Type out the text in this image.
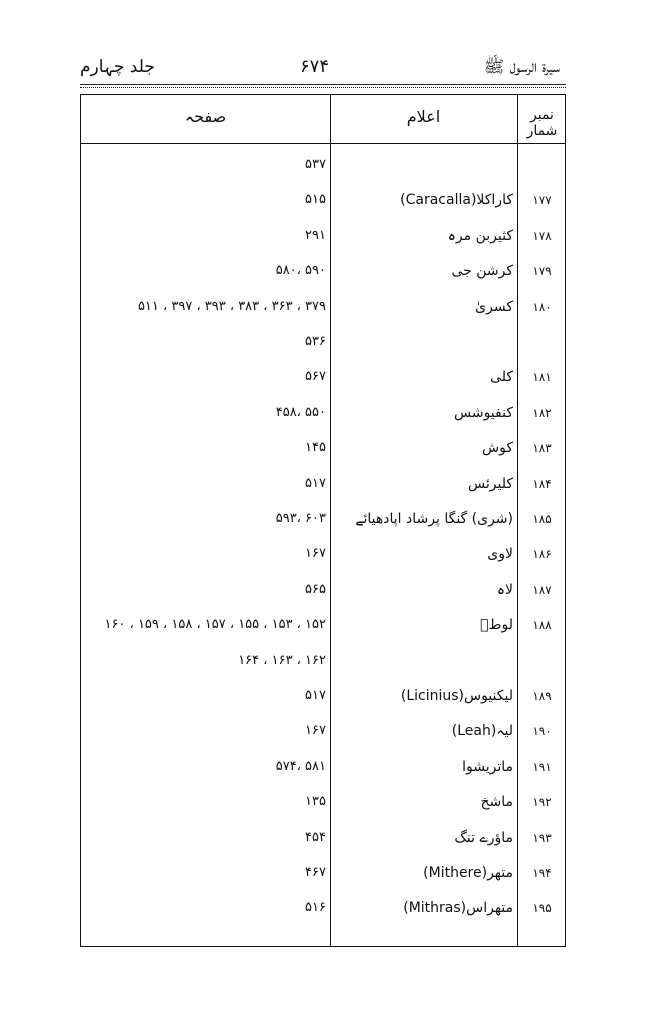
جلد چہارم	۶۷۴	سیرۃ الرسول ﷺ
صفحہ	اعلام	نمبر شمار
۵۳۷
۵۱۵	کاراکلا(Caracalla)	۱۷۷
۲۹۱	کثیربن مرہ	۱۷۸
۵۹۰ ،۵۸۰	کرشن جی	۱۷۹
۳۷۹ ، ۳۶۳ ، ۳۸۳ ، ۳۹۳ ، ۳۹۷ ، ۵۱۱	کسریٰ	۱۸۰
۵۳۶
۵۶۷	کلی	۱۸۱
۵۵۰ ،۴۵۸	کنفیوشس	۱۸۲
۱۴۵	کوش	۱۸۳
۵۱۷	کلیرئس	۱۸۴
۶۰۳ ،۵۹۳	(شری) گنگا پرشاد اپادھیائے	۱۸۵
۱۶۷	لاوی	۱۸۶
۵۶۵	لاہ	۱۸۷
۱۵۲ ، ۱۵۳ ، ۱۵۵ ، ۱۵۷ ، ۱۵۸ ، ۱۵۹ ، ۱۶۰	لوطؑ	۱۸۸
۱۶۲ ، ۱۶۳ ، ۱۶۴
۵۱۷	لیکنیوس(Licinius)	۱۸۹
۱۶۷	لیہ(Leah)	۱۹۰
۵۸۱ ،۵۷۴	ماتریشوا	۱۹۱
۱۳۵	ماشخ	۱۹۲
۴۵۴	ماؤرے تنگ	۱۹۳
۴۶۷	متھر(Mithere)	۱۹۴
۵۱۶	متھراس(Mithras)	۱۹۵
